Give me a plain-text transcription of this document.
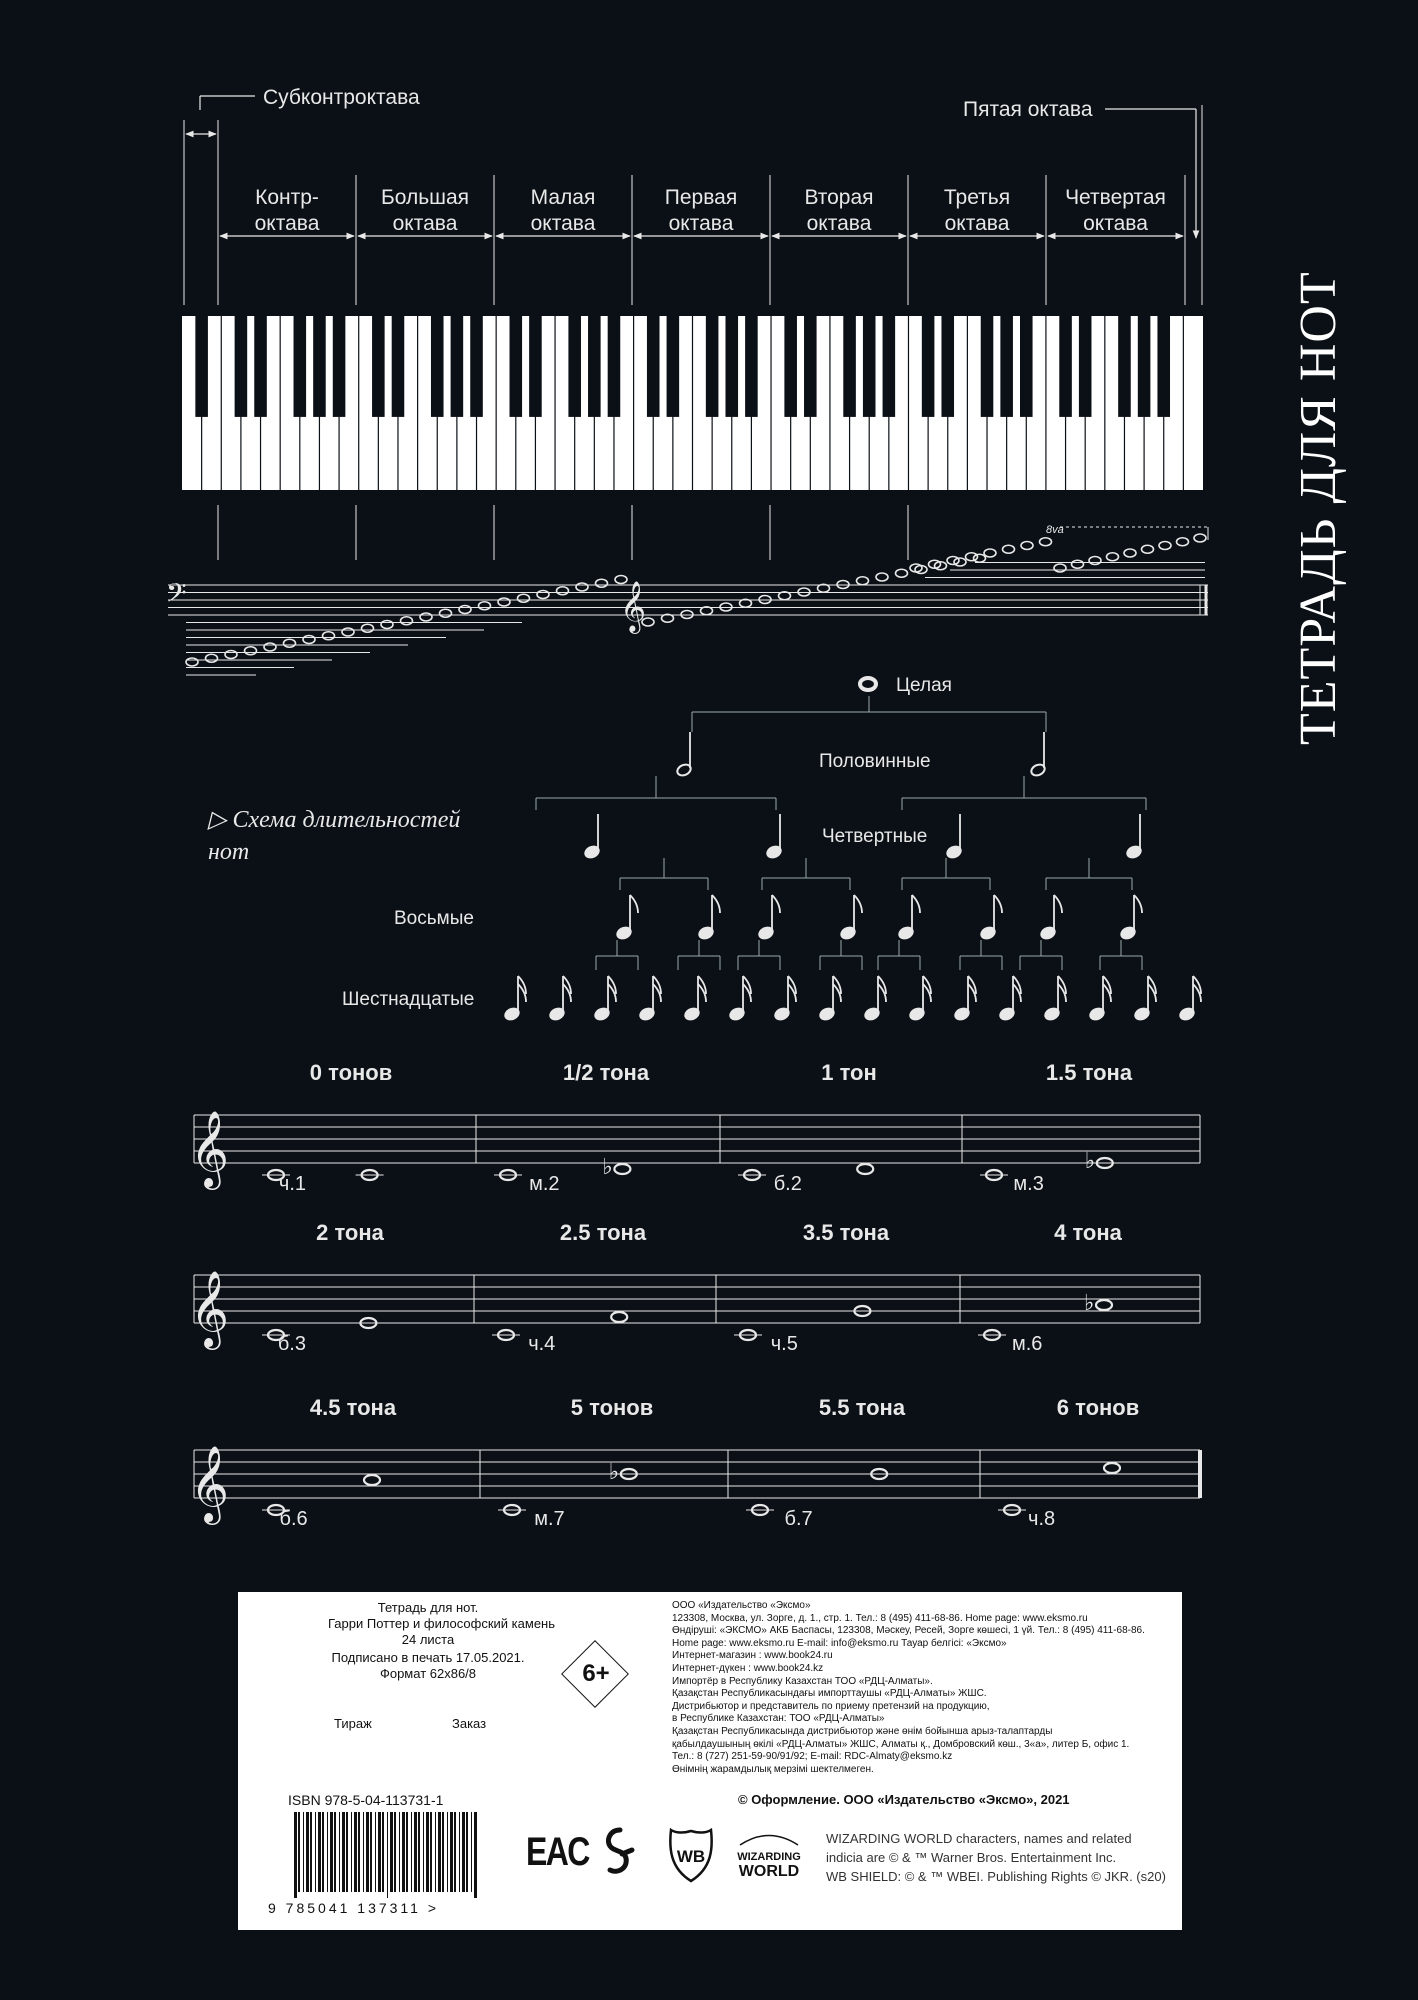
Субконтроктава
Пятая октава
Контр-
октава
Большая
октава
Малая
октава
Первая
октава
Вторая
октава
Третья
октава
Четвертая
октава
𝄢	𝄞
8va
▷ Схема длительностей
нот
Целая
Половинные
Четвертные
Восьмые
Шестнадцатые
𝄞
0 тонов
ч.1
1/2 тона
м.2
♭
1 тон
б.2
1.5 тона
м.3
♭
𝄞
2 тона
б.3
2.5 тона
ч.4
3.5 тона
ч.5
4 тона
м.6
♭
𝄞
4.5 тона
б.6
5 тонов
м.7
♭
5.5 тона
б.7
6 тонов
ч.8
ТЕТРАДЬ ДЛЯ НОТ
Тетрадь для нот.
Гарри Поттер и философский камень
24 листа
Подписано в печать 17.05.2021.
Формат 62x86/8
Тираж	Заказ
6+
ООО «Издательство «Эксмо»
123308, Москва, ул. Зорге, д. 1., стр. 1. Тел.: 8 (495) 411-68-86. Home page: www.eksmo.ru
Өндіруші: «ЭКСМО» АКБ Баспасы, 123308, Мәскеу, Ресей, Зорге көшесі, 1 үй. Тел.: 8 (495) 411-68-86.
Home page: www.eksmo.ru E-mail: info@eksmo.ru Тауар белгісі: «Эксмо»
Интернет-магазин : www.book24.ru
Интернет-дүкен : www.book24.kz
Импортёр в Республику Казахстан ТОО «РДЦ-Алматы».
Қазақстан Республикасындағы импорттаушы «РДЦ-Алматы» ЖШС.
Дистрибьютор и представитель по приему претензий на продукцию,
в Республике Казахстан: ТОО «РДЦ-Алматы»
Қазақстан Республикасында дистрибьютор және өнім бойынша арыз-талаптарды
қабылдаушының өкілі «РДЦ-Алматы» ЖШС, Алматы қ., Домбровский көш., 3«а», литер Б, офис 1.
Тел.: 8 (727) 251-59-90/91/92; E-mail: RDC-Almaty@eksmo.kz
Өнімнің жарамдылық мерзімі шектелмеген.
© Оформление. ООО «Издательство «Эксмо», 2021
ISBN 978-5-04-113731-1
9 785041 137311 >
EAC	WB	WIZARDING
WORLD
WIZARDING WORLD characters, names and related
indicia are © & ™ Warner Bros. Entertainment Inc.
WB SHIELD: © & ™ WBEI. Publishing Rights © JKR. (s20)
